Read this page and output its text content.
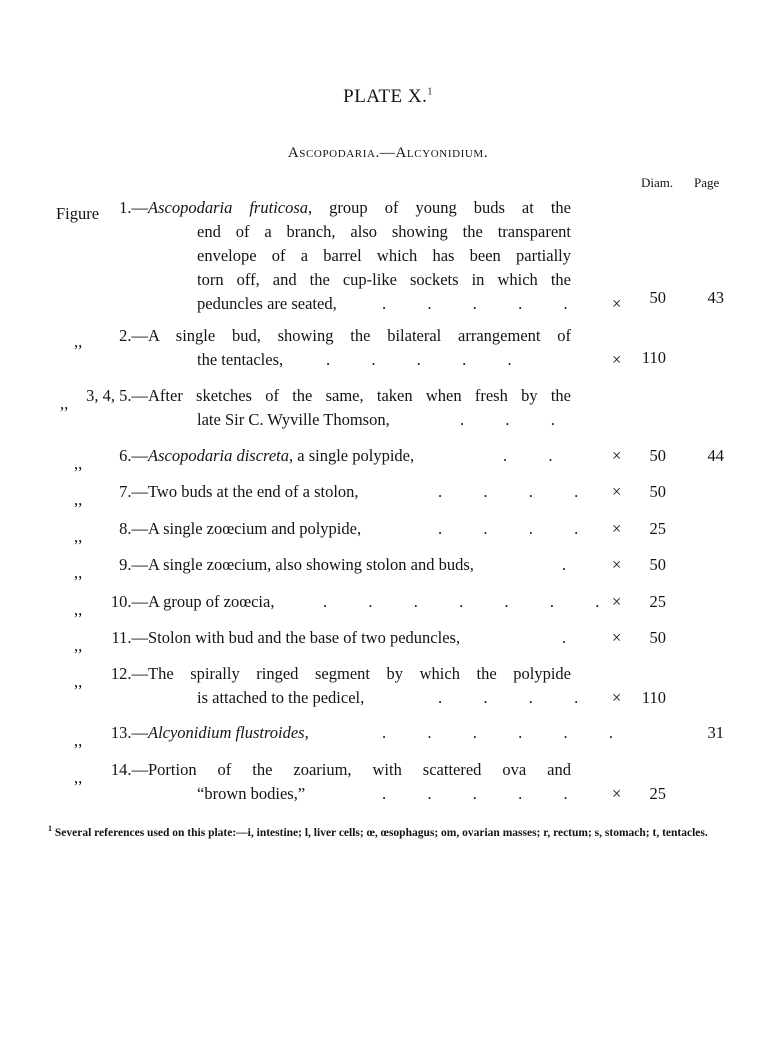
PLATE X.$^1$
Ascopodaria.—Alcyonidium.
Diam. Page
Figure	1.— Ascopodaria fruticosa, group of young buds at the
end of a branch, also showing the transparent
envelope of a barrel which has been partially
torn off, and the cup-like sockets in which the
peduncles are seated,	.   .   .   .   .	×	50	43
,,	2.— A single bud, showing the bilateral arrangement of
the tentacles,	.   .   .   .   .	×	110
,,	3, 4, 5.— After sketches of the same, taken when fresh by the
late Sir C. Wyville Thomson,	.   .   .
,,	6.— Ascopodaria discreta, a single polypide,	.   .	×	50	44
,,	7.— Two buds at the end of a stolon,	.   .   .   . ×	50
,,	8.— A single zoœcium and polypide,	.   .   .   . ×	25
,,	9.— A single zoœcium, also showing stolon and buds,	.	×	50
,,	10.— A group of zoœcia,	.   .   .   .   .   .   . ×	25
,,	11.— Stolon with bud and the base of two peduncles,	.	×	50
,,	12.— The spirally ringed segment by which the polypide
is attached to the pedicel,	.   .   .   . ×	110
,,	13.— Alcyonidium flustroides,	.   .   .   .   .   .	31
,,	14.— Portion of the zoarium, with scattered ova and
“brown bodies,”	.   .   .   .   .	×	25
$^1$ Several references used on this plate:—i, intestine; l, liver cells; œ, œsophagus; om, ovarian masses; r, rectum; s, stomach; t, tentacles.
